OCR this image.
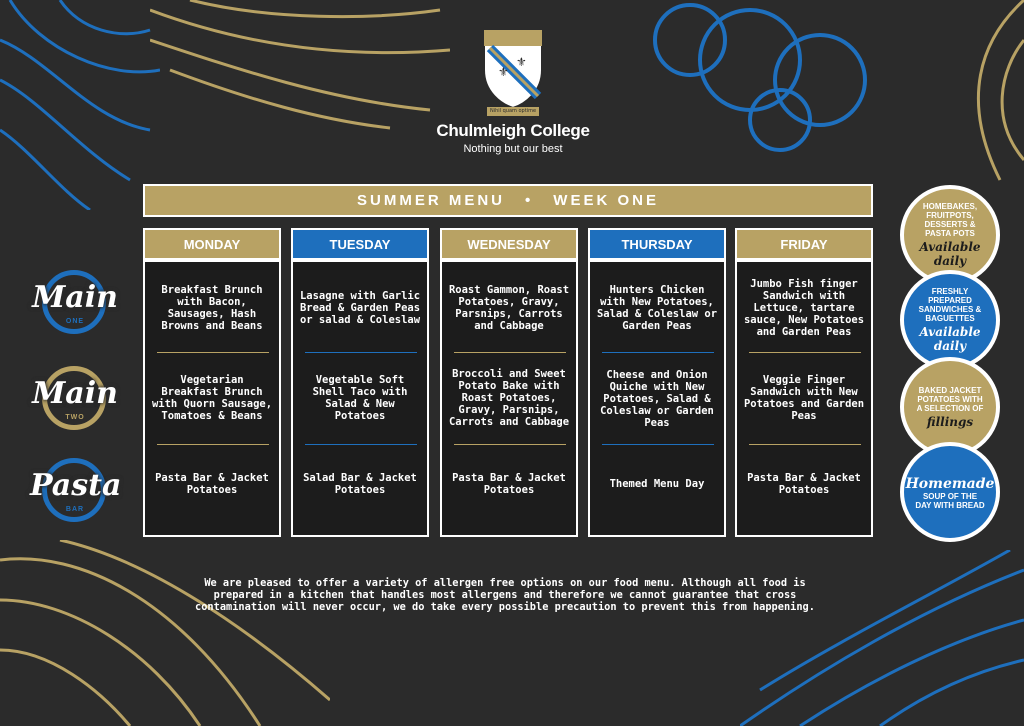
⚜
⚜
Nihil quam optime
Chulmleigh College
Nothing but our best
SUMMER MENU • WEEK ONE
Main
ONE
Main
TWO
Pasta
BAR
MONDAY
Breakfast Brunch with Bacon, Sausages, Hash Browns and Beans
Vegetarian Breakfast Brunch with Quorn Sausage, Tomatoes & Beans
Pasta Bar & Jacket Potatoes
TUESDAY
Lasagne with Garlic Bread & Garden Peas or salad & Coleslaw
Vegetable Soft Shell Taco with Salad & New Potatoes
Salad Bar & Jacket Potatoes
WEDNESDAY
Roast Gammon, Roast Potatoes, Gravy, Parsnips, Carrots and Cabbage
Broccoli and Sweet Potato Bake with Roast Potatoes, Gravy, Parsnips, Carrots and Cabbage
Pasta Bar & Jacket Potatoes
THURSDAY
Hunters Chicken with New Potatoes, Salad & Coleslaw or Garden Peas
Cheese and Onion Quiche with New Potatoes, Salad & Coleslaw or Garden Peas
Themed Menu Day
FRIDAY
Jumbo Fish finger Sandwich with Lettuce, tartare sauce, New Potatoes and Garden Peas
Veggie Finger Sandwich with New Potatoes and Garden Peas
Pasta Bar & Jacket Potatoes
HOMEBAKES, FRUITPOTS, DESSERTS & PASTA POTS
Available daily
FRESHLY PREPARED SANDWICHES & BAGUETTES
Available daily
BAKED JACKET POTATOES WITH A SELECTION OF
fillings
Homemade
SOUP OF THE DAY WITH BREAD
We are pleased to offer a variety of allergen free options on our food menu. Although all food is prepared in a kitchen that handles most allergens and therefore we cannot guarantee that cross contamination will never occur, we do take every possible precaution to prevent this from happening.
